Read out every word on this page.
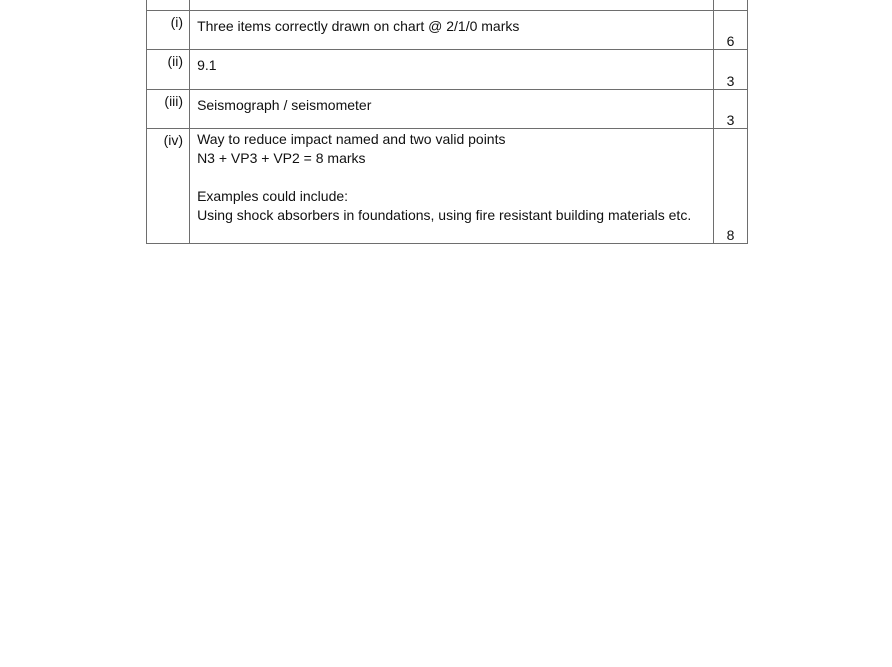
(i)	Three items correctly drawn on chart @ 2/1/0 marks	6

(ii)	9.1	3

(iii)	Seismograph / seismometer	3

(iv)	Way to reduce impact named and two valid points
N3 + VP3 + VP2 = 8 marks
Examples could include:
Using shock absorbers in foundations, using fire resistant building materials etc.	8
